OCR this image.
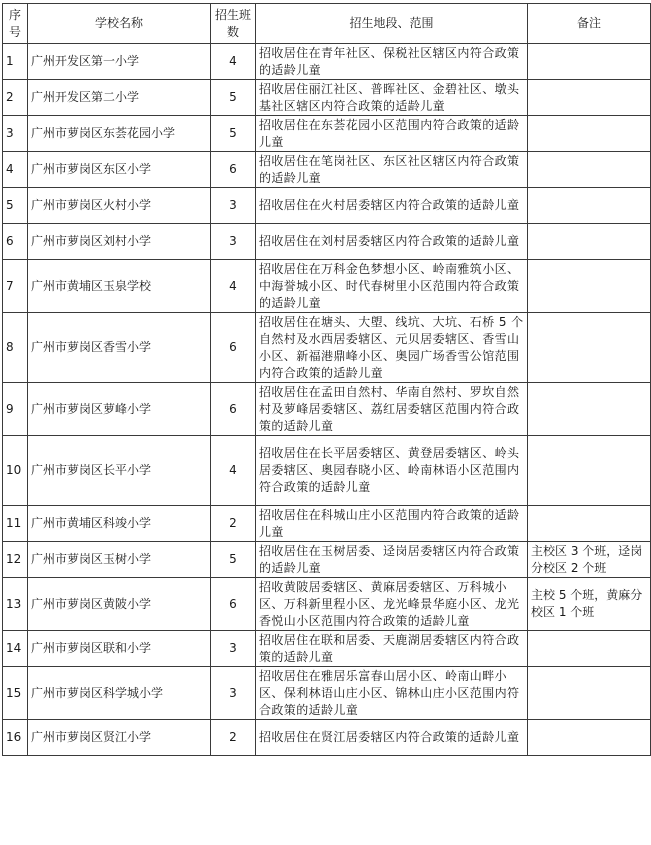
序号	学校名称	招生班数	招生地段、范围	备注
1	广州开发区第一小学	4	招收居住在青年社区、保税社区辖区内符合政策的适龄儿童	
2	广州开发区第二小学	5	招收居住丽江社区、普晖社区、金碧社区、墩头基社区辖区内符合政策的适龄儿童	
3	广州市萝岗区东荟花园小学	5	招收居住在东荟花园小区范围内符合政策的适龄儿童	
4	广州市萝岗区东区小学	6	招收居住在笔岗社区、东区社区辖区内符合政策的适龄儿童	
5	广州市萝岗区火村小学	3	招收居住在火村居委辖区内符合政策的适龄儿童	
6	广州市萝岗区刘村小学	3	招收居住在刘村居委辖区内符合政策的适龄儿童	
7	广州市黄埔区玉泉学校	4	招收居住在万科金色梦想小区、岭南雅筑小区、中海誉城小区、时代春树里小区范围内符合政策的适龄儿童	
8	广州市萝岗区香雪小学	6	招收居住在塘头、大塱、线坑、大坑、石桥 5 个自然村及水西居委辖区、元贝居委辖区、香雪山小区、新福港鼎峰小区、奥园广场香雪公馆范围内符合政策的适龄儿童	
9	广州市萝岗区萝峰小学	6	招收居住在孟田自然村、华南自然村、罗坎自然村及萝峰居委辖区、荔红居委辖区范围内符合政策的适龄儿童	
10	广州市萝岗区长平小学	4	招收居住在长平居委辖区、黄登居委辖区、岭头居委辖区、奥园春晓小区、岭南林语小区范围内符合政策的适龄儿童	
11	广州市黄埔区科竣小学	2	招收居住在科城山庄小区范围内符合政策的适龄儿童	
12	广州市萝岗区玉树小学	5	招收居住在玉树居委、迳岗居委辖区内符合政策的适龄儿童	主校区 3 个班，迳岗分校区 2 个班
13	广州市萝岗区黄陂小学	6	招收黄陂居委辖区、黄麻居委辖区、万科城小区、万科新里程小区、龙光峰景华庭小区、龙光香悦山小区范围内符合政策的适龄儿童	主校 5 个班，黄麻分校区 1 个班
14	广州市萝岗区联和小学	3	招收居住在联和居委、天鹿湖居委辖区内符合政策的适龄儿童	
15	广州市萝岗区科学城小学	3	招收居住在雅居乐富春山居小区、岭南山畔小区、保利林语山庄小区、锦林山庄小区范围内符合政策的适龄儿童	
16	广州市萝岗区贤江小学	2	招收居住在贤江居委辖区内符合政策的适龄儿童	
